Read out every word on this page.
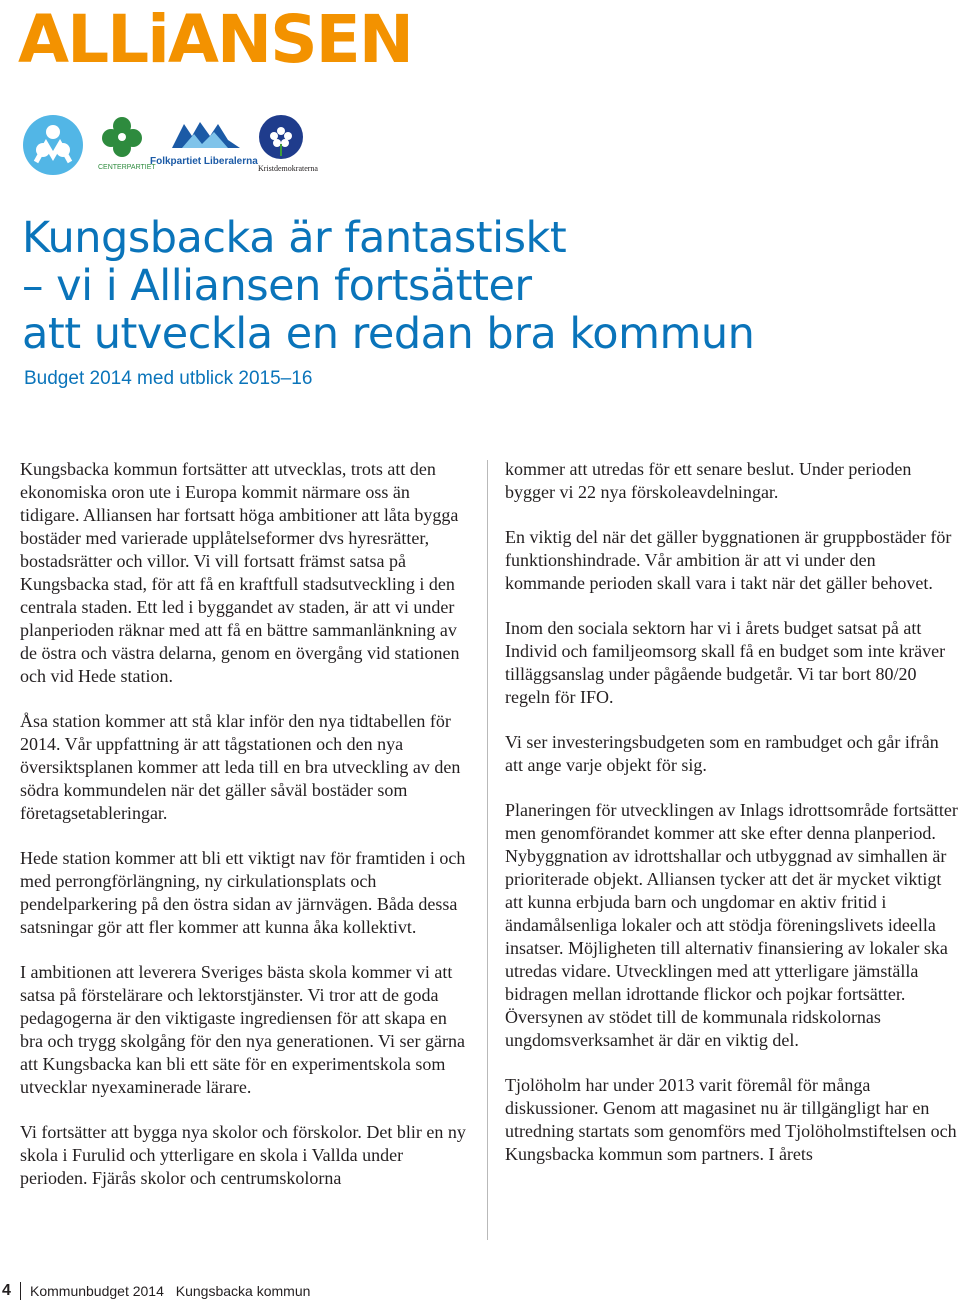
ALLiANSEN
CENTERPARTIET
Folkpartiet Liberalerna
Kristdemokraterna
Kungsbacka är fantastiskt
– vi i Alliansen fortsätter
att utveckla en redan bra kommun
Budget 2014 med utblick 2015–16

Kungsbacka kommun fortsätter att utvecklas, trots att den ekonomiska oron ute i Europa kommit närmare oss än tidigare. Alliansen har fortsatt höga ambitioner att låta bygga bostäder med varierade upplåtelseformer dvs hyresrätter, bostadsrätter och villor. Vi vill fortsatt främst satsa på Kungsbacka stad, för att få en kraftfull stadsutveckling i den centrala staden. Ett led i byggandet av staden, är att vi under planperioden räknar med att få en bättre sammanlänkning av de östra och västra delarna, genom en övergång vid stationen och vid Hede station.

Åsa station kommer att stå klar inför den nya tidtabellen för 2014. Vår uppfattning är att tågstationen och den nya översiktsplanen kommer att leda till en bra utveckling av den södra kommundelen när det gäller såväl bostäder som företagsetableringar.

Hede station kommer att bli ett viktigt nav för framtiden i och med perrongförlängning, ny cirkulationsplats och pendelparkering på den östra sidan av järnvägen. Båda dessa satsningar gör att fler kommer att kunna åka kollektivt.

I ambitionen att leverera Sveriges bästa skola kommer vi att satsa på förstelärare och lektorstjänster. Vi tror att de goda pedagogerna är den viktigaste ingrediensen för att skapa en bra och trygg skolgång för den nya generationen. Vi ser gärna att Kungsbacka kan bli ett säte för en experimentskola som utvecklar nyexaminerade lärare.

Vi fortsätter att bygga nya skolor och förskolor. Det blir en ny skola i Furulid och ytterligare en skola i Vallda under perioden. Fjärås skolor och centrumskolorna

kommer att utredas för ett senare beslut. Under perioden bygger vi 22 nya förskoleavdelningar.

En viktig del när det gäller byggnationen är gruppbostäder för funktionshindrade. Vår ambition är att vi under den kommande perioden skall vara i takt när det gäller behovet.

Inom den sociala sektorn har vi i årets budget satsat på att Individ och familjeomsorg skall få en budget som inte kräver tilläggsanslag under pågående budgetår. Vi tar bort 80/20 regeln för IFO.

Vi ser investeringsbudgeten som en rambudget och går ifrån att ange varje objekt för sig.

Planeringen för utvecklingen av Inlags idrottsområde fortsätter men genomförandet kommer att ske efter denna planperiod. Nybyggnation av idrottshallar och utbyggnad av simhallen är prioriterade objekt. Alliansen tycker att det är mycket viktigt att kunna erbjuda barn och ungdomar en aktiv fritid i ändamålsenliga lokaler och att stödja föreningslivets ideella insatser. Möjligheten till alternativ finansiering av lokaler ska utredas vidare. Utvecklingen med att ytterligare jämställa bidragen mellan idrottande flickor och pojkar fortsätter. Översynen av stödet till de kommunala ridskolornas ungdomsverksamhet är där en viktig del.

Tjolöholm har under 2013 varit föremål för många diskussioner. Genom att magasinet nu är tillgängligt har en utredning startats som genomförs med Tjolöholmstiftelsen och Kungsbacka kommun som partners. I årets

4 Kommunbudget 2014 Kungsbacka kommun
